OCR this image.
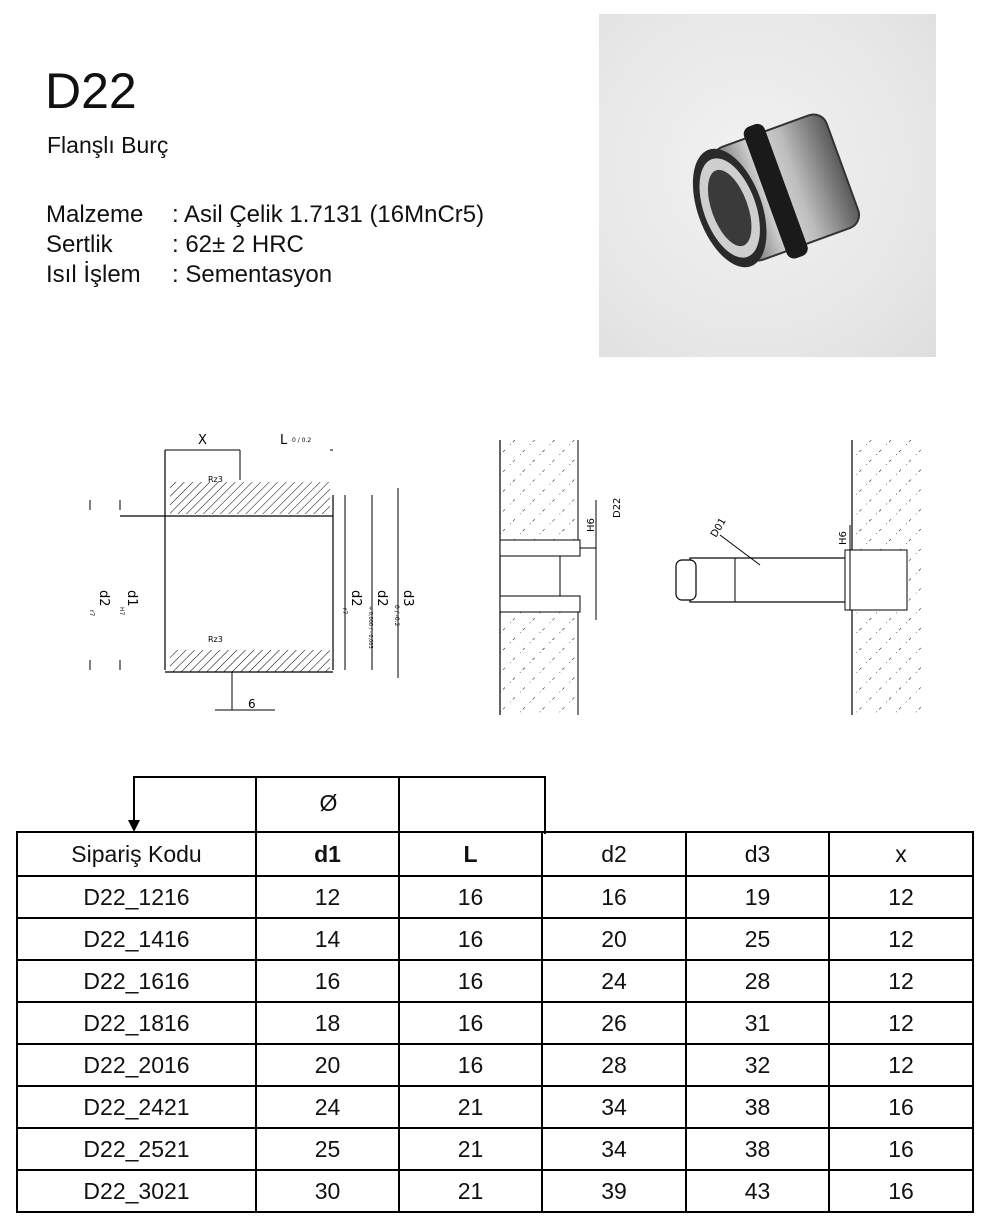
D22
Flanşlı Burç
Malzeme	: Asil Çelik 1.7131 (16MnCr5)
Sertlik	: 62± 2 HRC
Isıl İşlem	: Sementasyon
X	L 0 / 0.2
Rz3
Rz3
6
d2
r7
d1
H7
d2
r7
d2
+ 0,000 / - 0,003
d3
0 / -0.2
H6
D22
D01	H6
Ø
Sipariş Kodu	d1	L	d2	d3	x
D22_1216	12	16	16	19	12
D22_1416	14	16	20	25	12
D22_1616	16	16	24	28	12
D22_1816	18	16	26	31	12
D22_2016	20	16	28	32	12
D22_2421	24	21	34	38	16
D22_2521	25	21	34	38	16
D22_3021	30	21	39	43	16
